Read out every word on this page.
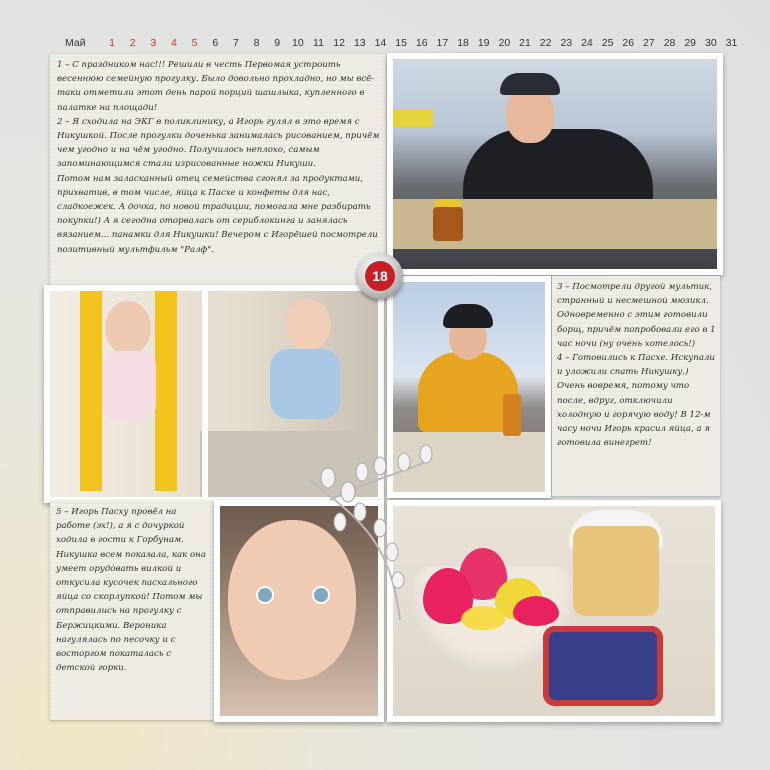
Май	1	2	3	4	5	6	7	8	9	10 11 12 13 14 15 16 17 18 19 20 21 22 23 24 25 26 27 28 29 30 31
1 – С праздником нас!!! Решили в честь Первомая устроить весеннюю семейную прогулку. Было довольно прохладно, но мы всё-таки отметили этот день парой порций шашлыка, купленного в палатке на площади!
2 – Я сходила на ЭКГ в поликлинику, а Игорь гулял в это время с Никушкой. После прогулки доченька занималась рисованием, причём чем угодно и на чём угодно. Получилось неплохо, самым запоминающимся стали изрисованные ножки Никуши.
Потом нам заласканный отец семейства сгонял за продуктами, прихватив, в том числе, яйца к Пасхе и конфеты для нас, сладкоежек. А дочка, по новой традиции, помогала мне разбирать покупки!) А я сегодна оторвалась от сериблокинга и занялась вязанием... панамки для Никушки! Вечером с Игорёшей посмотрели позитивный мультфильм "Ралф".
3 – Посмотрели другой мультик, странный и несмешной мюзикл. Одновременно с этим готовили борщ, причём попробовали его в 1 час ночи (ну очень хотелось!)
4 – Готовились к Пасхе. Искупали и уложили спать Никушку.) Очень вовремя, потому что после, вдруг, отключили холодную и горячую воду! В 12-м часу ночи Игорь красил яйца, а я готовила винегрет!
5 – Игорь Пасху провёл на работе (эх!), а я с дочуркой ходила в гости к Горбунам. Никушка всем показала, как она умеет орудовать вилкой и откусила кусочек пасхального яйца со скорлупкой! Потом мы отправились на прогулку с Бержицкими. Вероника нагулялась по песочку и с восторгом покаталась с детской горки.
18
